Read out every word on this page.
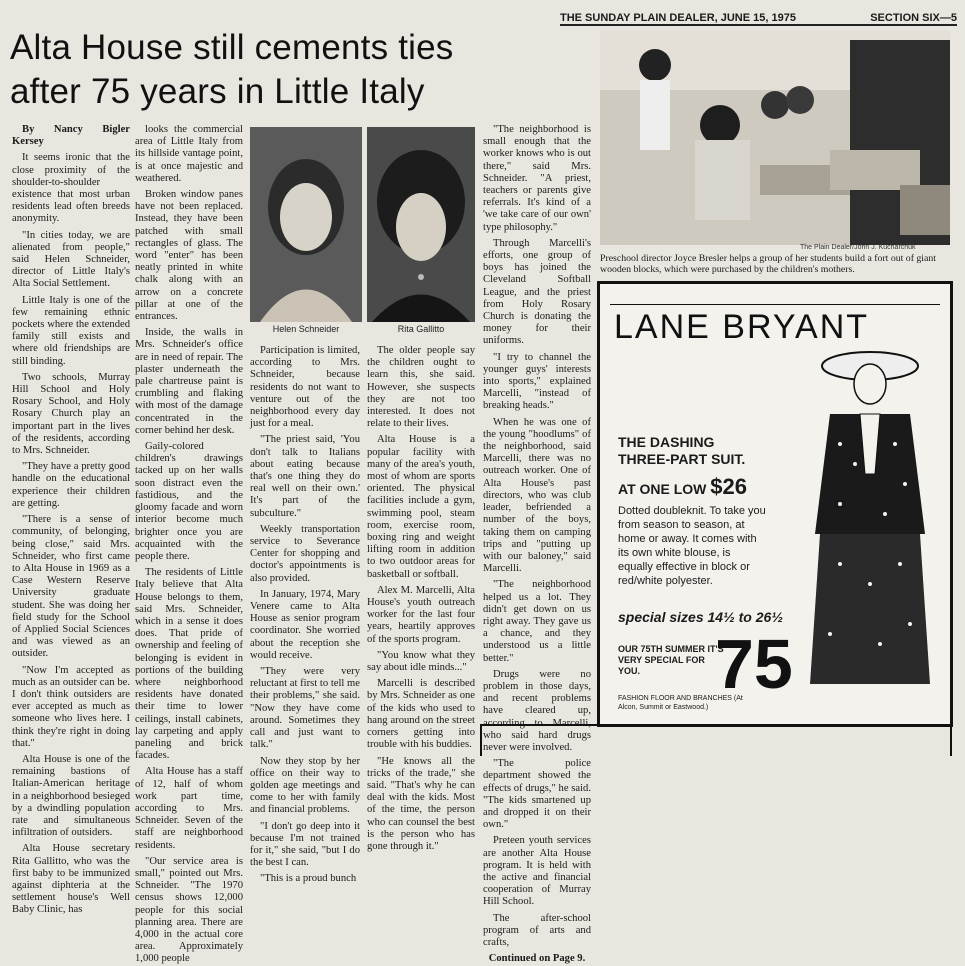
THE SUNDAY PLAIN DEALER, JUNE 15, 1975	SECTION SIX—5
Alta House still cements ties
after 75 years in Little Italy

By Nancy Bigler Kersey

It seems ironic that the close proximity of the shoulder-to-shoulder existence that most urban residents lead often breeds anonymity.

"In cities today, we are alienated from people," said Helen Schneider, director of Little Italy's Alta Social Settlement.

Little Italy is one of the few remaining ethnic pockets where the extended family still exists and where old friendships are still binding.

Two schools, Murray Hill School and Holy Rosary School, and Holy Rosary Church play an important part in the lives of the residents, according to Mrs. Schneider.

"They have a pretty good handle on the educational experience their children are getting.

"There is a sense of community, of belonging, being close," said Mrs. Schneider, who first came to Alta House in 1969 as a Case Western Reserve University graduate student. She was doing her field study for the School of Applied Social Sciences and was viewed as an outsider.

"Now I'm accepted as much as an outsider can be. I don't think outsiders are ever accepted as much as someone who lives here. I think they're right in doing that."

Alta House is one of the remaining bastions of Italian-American heritage in a neighborhood besieged by a dwindling population rate and simultaneous infiltration of outsiders.

Alta House secretary Rita Gallitto, who was the first baby to be immunized against diphteria at the settlement house's Well Baby Clinic, has

looks the commercial area of Little Italy from its hillside vantage point, is at once majestic and weathered.

Broken window panes have not been replaced. Instead, they have been patched with small rectangles of glass. The word "enter" has been neatly printed in white chalk along with an arrow on a concrete pillar at one of the entrances.

Inside, the walls in Mrs. Schneider's office are in need of repair. The plaster underneath the pale chartreuse paint is crumbling and flaking with most of the damage concentrated in the corner behind her desk.

Gaily-colored children's drawings tacked up on her walls soon distract even the fastidious, and the gloomy facade and worn interior become much brighter once you are acquainted with the people there.

The residents of Little Italy believe that Alta House belongs to them, said Mrs. Schneider, which in a sense it does does. That pride of ownership and feeling of belonging is evident in portions of the building where neighborhood residents have donated their time to lower ceilings, install cabinets, lay carpeting and apply paneling and brick facades.

Alta House has a staff of 12, half of whom work part time, according to Mrs. Schneider. Seven of the staff are neighborhood residents.

"Our service area is small," pointed out Mrs. Schneider. "The 1970 census shows 12,000 people for this social planning area. There are 4,000 in the actual core area. Approximately 1,000 people

Helen Schneider	Rita Gallitto

Participation is limited, according to Mrs. Schneider, because residents do not want to venture out of the neighborhood every day just for a meal.

"The priest said, 'You don't talk to Italians about eating because that's one thing they do real well on their own.' It's part of the subculture."

Weekly transportation service to Severance Center for shopping and doctor's appointments is also provided.

In January, 1974, Mary Venere came to Alta House as senior program coordinator. She worried about the reception she would receive.

"They were very reluctant at first to tell me their problems," she said. "Now they have come around. Sometimes they call and just want to talk."

Now they stop by her office on their way to golden age meetings and come to her with family and financial problems.

"I don't go deep into it because I'm not trained for it," she said, "but I do the best I can.

"This is a proud bunch

The older people say the children ought to learn this, she said. However, she suspects they are not too interested. It does not relate to their lives.

Alta House is a popular facility with many of the area's youth, most of whom are sports oriented. The physical facilities include a gym, swimming pool, steam room, exercise room, boxing ring and weight lifting room in addition to two outdoor areas for basketball or softball.

Alex M. Marcelli, Alta House's youth outreach worker for the last four years, heartily approves of the sports program.

"You know what they say about idle minds..."

Marcelli is described by Mrs. Schneider as one of the kids who used to hang around on the street corners getting into trouble with his buddies.

"He knows all the tricks of the trade," she said. "That's why he can deal with the kids. Most of the time, the person who can counsel the best is the person who has gone through it."

"The neighborhood is small enough that the worker knows who is out there," said Mrs. Schneider. "A priest, teachers or parents give referrals. It's kind of a 'we take care of our own' type philosophy."

Through Marcelli's efforts, one group of boys has joined the Cleveland Softball League, and the priest from Holy Rosary Church is donating the money for their uniforms.

"I try to channel the younger guys' interests into sports," explained Marcelli, "instead of breaking heads."

When he was one of the young "hoodlums" of the neighborhood, said Marcelli, there was no outreach worker. One of Alta House's past directors, who was club leader, befriended a number of the boys, taking them on camping trips and "putting up with our baloney," said Marcelli.

"The neighborhood helped us a lot. They didn't get down on us right away. They gave us a chance, and they understood us a little better."

Drugs were no problem in those days, and recent problems have cleared up, according to Marcelli, who said hard drugs never were involved.

"The police department showed the effects of drugs," he said. "The kids smartened up and dropped it on their own."

Preteen youth services are another Alta House program. It is held with the active and financial cooperation of Murray Hill School.

The after-school program of arts and crafts,

Continued on Page 9.

The Plain Dealer/John J. Kucharchuk
Preschool director Joyce Bresler helps a group of her students build a fort out of giant wooden blocks, which were purchased by the children's mothers.
LANE BRYANT
THE DASHING THREE-PART SUIT.
AT ONE LOW $26
Dotted doubleknit. To take you from season to season, at home or away. It comes with its own white blouse, is equally effective in block or red/white polyester.
special sizes 14½ to 26½
OUR 75TH SUMMER IT'S VERY SPECIAL FOR YOU.	75
FASHION FLOOR AND BRANCHES (At Alcon, Summit or Eastwood.)
